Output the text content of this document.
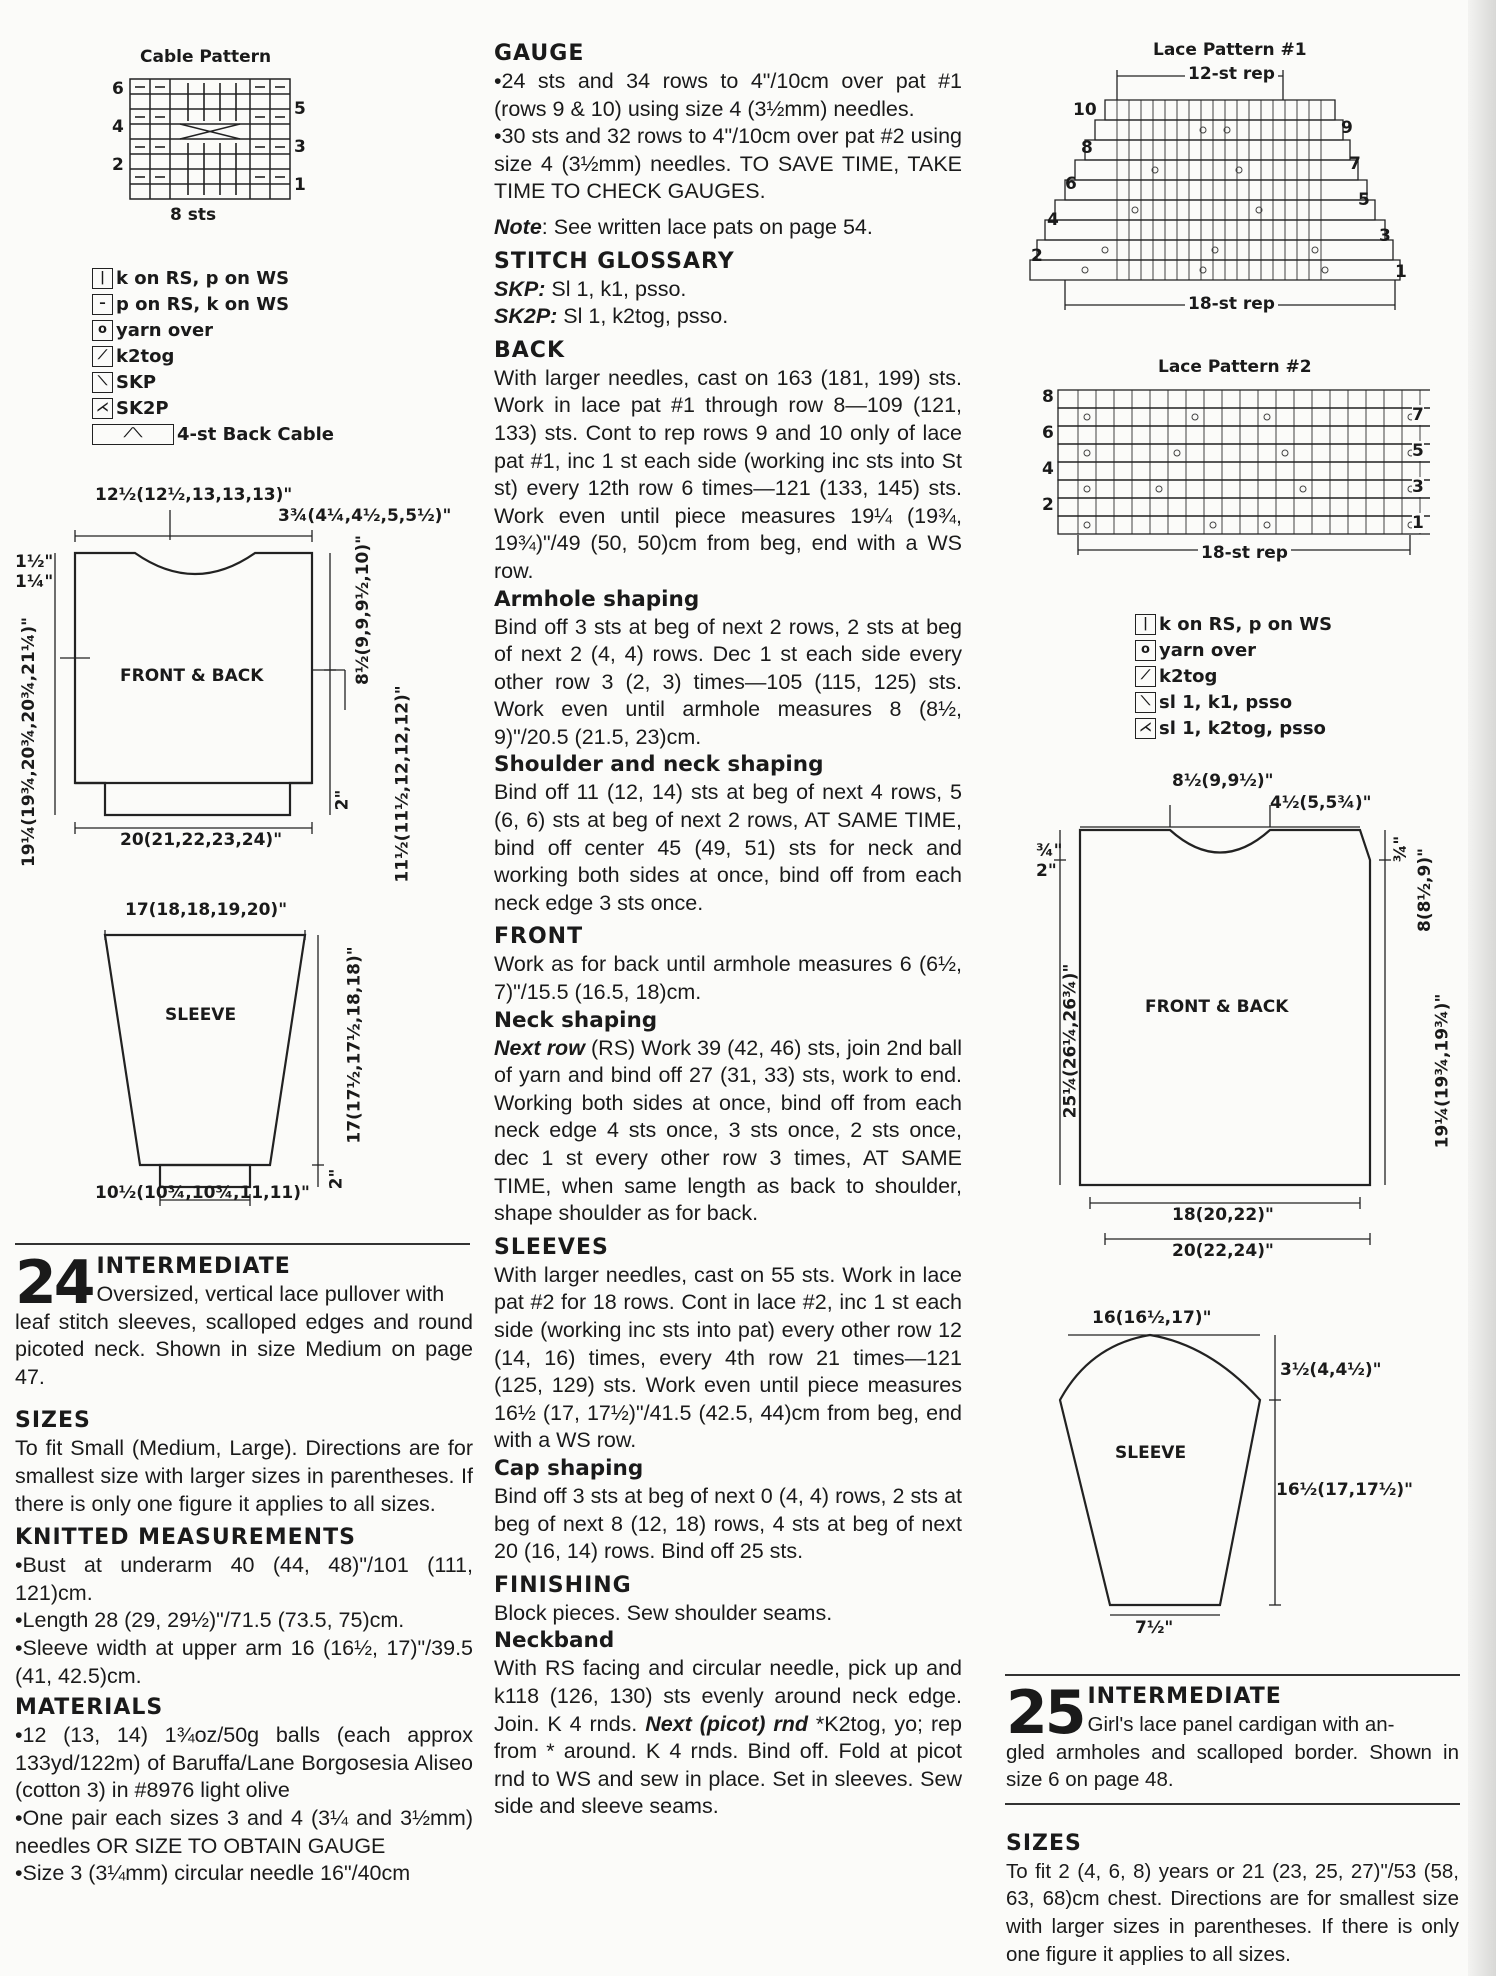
Cable Pattern
6
4
2
5
3
1
8 sts
| k on RS, p on WS
– p on RS, k on WS
o yarn over
⟋ k2tog
⟍ SKP
⋌ SK2P
⟋⟍	4-st Back Cable
12½(12½,13,13,13)"
3¾(4¼,4½,5,5½)"
1½"
1¼"
19¼(19¾,20¾,20¾,21¼)"
8½(9,9,9½,10)"
11½(11½,12,12,12)"
2"
20(21,22,23,24)"
FRONT & BACK
17(18,18,19,20)"
17(17½,17½,18,18)"
2"
10½(10¾,10¾,11,11)"
SLEEVE
24 INTERMEDIATE
Oversized, vertical lace pullover with

leaf stitch sleeves, scalloped edges and round picoted neck. Shown in size Medium on page 47.

SIZES

To fit Small (Medium, Large). Directions are for smallest size with larger sizes in parentheses. If there is only one figure it applies to all sizes.

KNITTED MEASUREMENTS
•Bust at underarm 40 (44, 48)"/101 (111, 121)cm.
•Length 28 (29, 29½)"/71.5 (73.5, 75)cm.
•Sleeve width at upper arm 16 (16½, 17)"/39.5 (41, 42.5)cm.
MATERIALS
•12 (13, 14) 1¾oz/50g balls (each approx 133yd/122m) of Baruffa/Lane Borgosesia Aliseo (cotton 3) in #8976 light olive
•One pair each sizes 3 and 4 (3¼ and 3½mm) needles OR SIZE TO OBTAIN GAUGE
•Size 3 (3¼mm) circular needle 16"/40cm
GAUGE

•24 sts and 34 rows to 4"/10cm over pat #1 (rows 9 & 10) using size 4 (3½mm) needles.

•30 sts and 32 rows to 4"/10cm over pat #2 using size 4 (3½mm) needles. TO SAVE TIME, TAKE TIME TO CHECK GAUGES.

Note: See written lace pats on page 54.

STITCH GLOSSARY

SKP: Sl 1, k1, psso.

SK2P: Sl 1, k2tog, psso.

BACK

With larger needles, cast on 163 (181, 199) sts. Work in lace pat #1 through row 8—109 (121, 133) sts. Cont to rep rows 9 and 10 only of lace pat #1, inc 1 st each side (working inc sts into St st) every 12th row 6 times—121 (133, 145) sts. Work even until piece measures 19¼ (19¾, 19¾)"/49 (50, 50)cm from beg, end with a WS row.

Armhole shaping

Bind off 3 sts at beg of next 2 rows, 2 sts at beg of next 2 (4, 4) rows. Dec 1 st each side every other row 3 (2, 3) times—105 (115, 125) sts. Work even until armhole measures 8 (8½, 9)"/20.5 (21.5, 23)cm.

Shoulder and neck shaping

Bind off 11 (12, 14) sts at beg of next 4 rows, 5 (6, 6) sts at beg of next 2 rows, AT SAME TIME, bind off center 45 (49, 51) sts for neck and working both sides at once, bind off from each neck edge 3 sts once.

FRONT

Work as for back until armhole measures 6 (6½, 7)"/15.5 (16.5, 18)cm.

Neck shaping

Next row (RS) Work 39 (42, 46) sts, join 2nd ball of yarn and bind off 27 (31, 33) sts, work to end. Working both sides at once, bind off from each neck edge 4 sts once, 3 sts once, 2 sts once, dec 1 st every other row 3 times, AT SAME TIME, when same length as back to shoulder, shape shoulder as for back.

SLEEVES

With larger needles, cast on 55 sts. Work in lace pat #2 for 18 rows. Cont in lace #2, inc 1 st each side (working inc sts into pat) every other row 12 (14, 16) times, every 4th row 21 times—121 (125, 129) sts. Work even until piece measures 16½ (17, 17½)"/41.5 (42.5, 44)cm from beg, end with a WS row.

Cap shaping

Bind off 3 sts at beg of next 0 (4, 4) rows, 2 sts at beg of next 8 (12, 18) rows, 4 sts at beg of next 20 (16, 14) rows. Bind off 25 sts.

FINISHING

Block pieces. Sew shoulder seams.

Neckband

With RS facing and circular needle, pick up and k118 (126, 130) sts evenly around neck edge. Join. K 4 rnds. Next (picot) rnd *K2tog, yo; rep from * around. K 4 rnds. Bind off. Fold at picot rnd to WS and sew in place. Set in sleeves. Sew side and sleeve seams.

Lace Pattern #1
12-st rep
18-st rep
10
8
6
4
2
9
7
5
3
1
Lace Pattern #2
18-st rep
8
6
4
2
7
5
3
1
| k on RS, p on WS
o yarn over
⟋ k2tog
⟍ sl 1, k1, psso
⋌ sl 1, k2tog, psso
8½(9,9½)"
4½(5,5¾)"
¾"
2"
¾" 8(8½,9)"
25¼(26¼,26¾)"	19¼(19¾,19¾)"
18(20,22)"
20(22,24)"
FRONT & BACK
16(16½,17)"
3½(4,4½)"
16½(17,17½)"
7½"
SLEEVE
25 INTERMEDIATE
Girl's lace panel cardigan with an-

gled armholes and scalloped border. Shown in size 6 on page 48.

SIZES

To fit 2 (4, 6, 8) years or 21 (23, 25, 27)"/53 (58, 63, 68)cm chest. Directions are for smallest size with larger sizes in parentheses. If there is only one figure it applies to all sizes.
